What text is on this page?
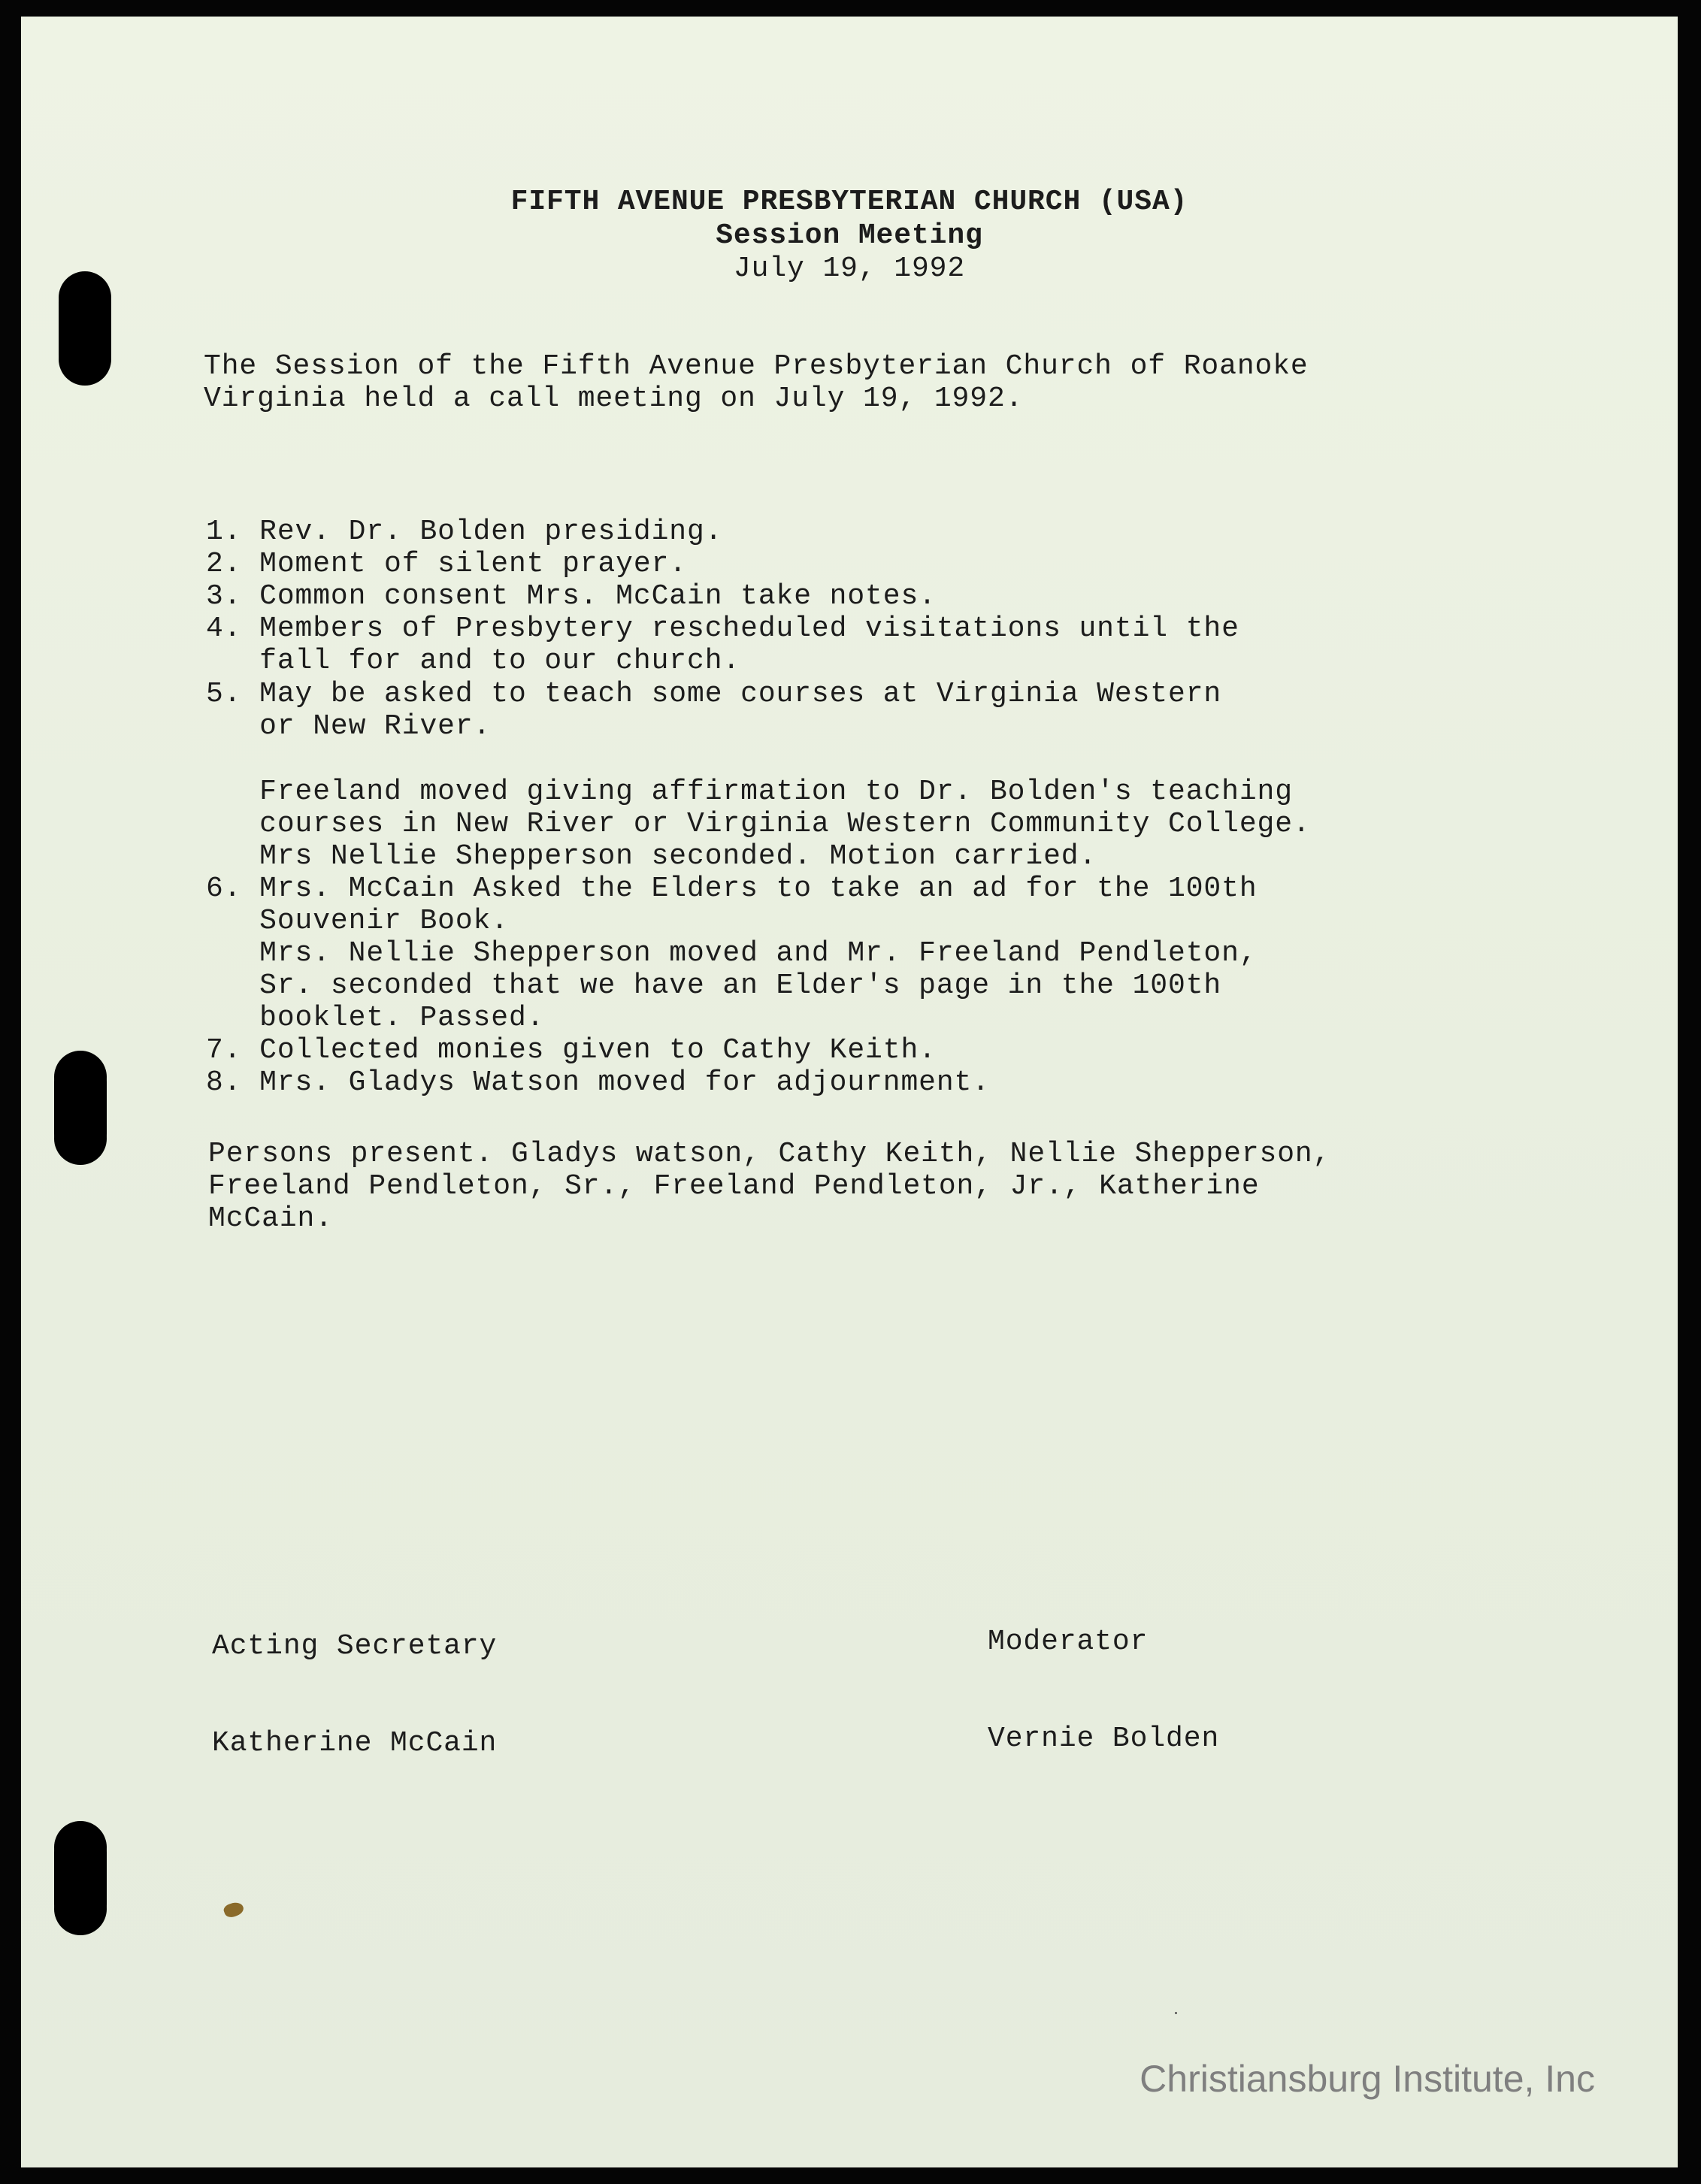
FIFTH AVENUE PRESBYTERIAN CHURCH (USA)
Session Meeting
July 19, 1992
The Session of the Fifth Avenue Presbyterian Church of Roanoke
Virginia held a call meeting on July 19, 1992.
1. Rev. Dr. Bolden presiding.
2. Moment of silent prayer.
3. Common consent Mrs. McCain take notes.
4. Members of Presbytery rescheduled visitations until the
fall for and to our church.
5. May be asked to teach some courses at Virginia Western
or New River.
Freeland moved giving affirmation to Dr. Bolden's teaching
courses in New River or Virginia Western Community College.
Mrs Nellie Shepperson seconded. Motion carried.
6. Mrs. McCain Asked the Elders to take an ad for the 100th
Souvenir Book.
Mrs. Nellie Shepperson moved and Mr. Freeland Pendleton,
Sr. seconded that we have an Elder's page in the 100th
booklet. Passed.
7. Collected monies given to Cathy Keith.
8. Mrs. Gladys Watson moved for adjournment.
Persons present. Gladys watson, Cathy Keith, Nellie Shepperson,
Freeland Pendleton, Sr., Freeland Pendleton, Jr., Katherine
McCain.
Acting Secretary
Katherine McCain
Moderator
Vernie Bolden
Christiansburg Institute, Inc
